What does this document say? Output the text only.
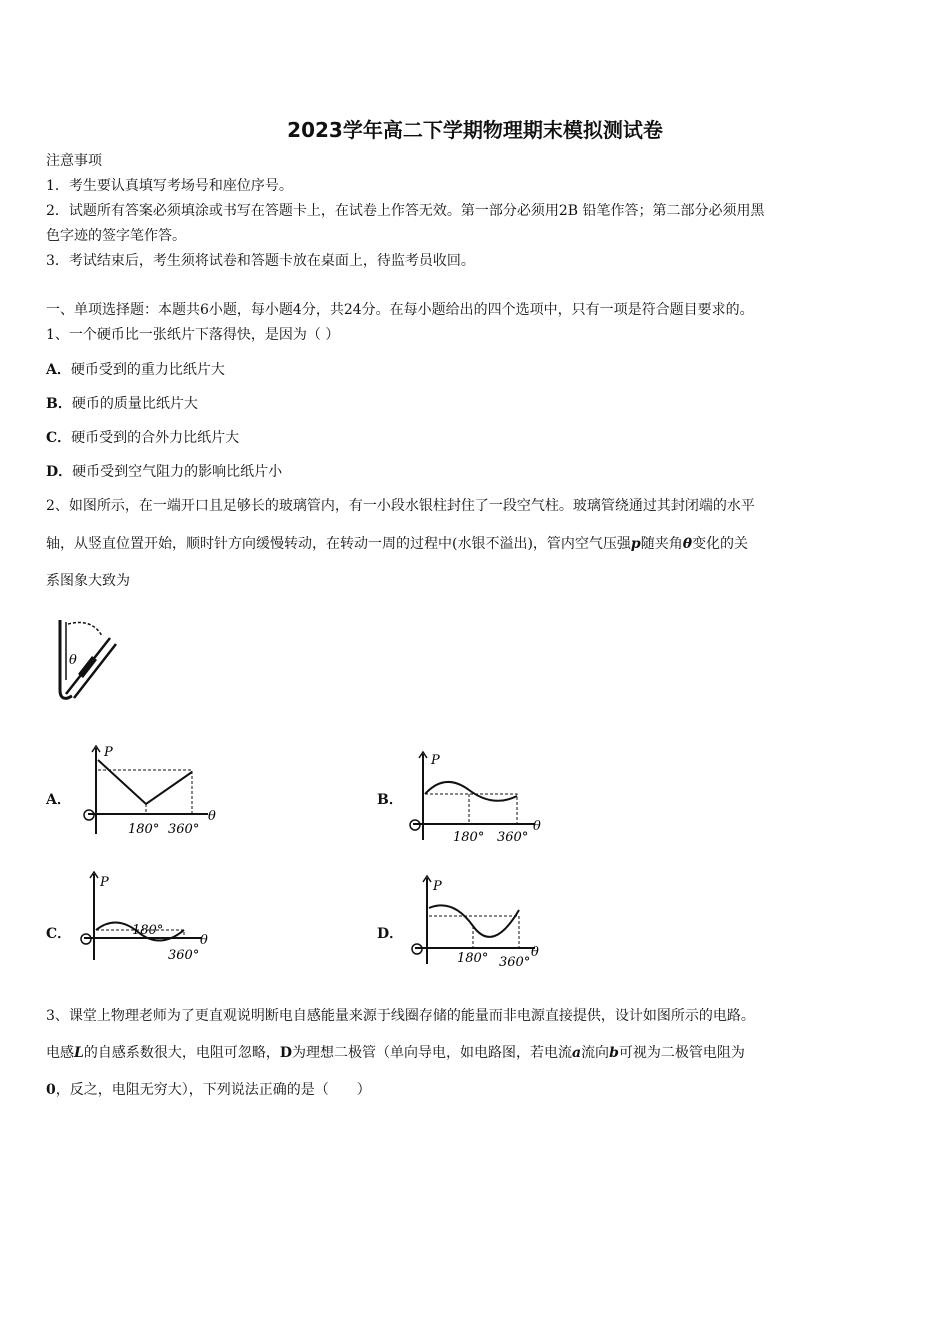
2023学年高二下学期物理期末模拟测试卷
注意事项
1．考生要认真填写考场号和座位序号。
2．试题所有答案必须填涂或书写在答题卡上，在试卷上作答无效。第一部分必须用2B 铅笔作答；第二部分必须用黑
色字迹的签字笔作答。
3．考试结束后，考生须将试卷和答题卡放在桌面上，待监考员收回。
一、单项选择题：本题共6小题，每小题4分，共24分。在每小题给出的四个选项中，只有一项是符合题目要求的。
1、一个硬币比一张纸片下落得快，是因为（ ）
A．硬币受到的重力比纸片大
B．硬币的质量比纸片大
C．硬币受到的合外力比纸片大
D．硬币受到空气阻力的影响比纸片小
2、如图所示，在一端开口且足够长的玻璃管内，有一小段水银柱封住了一段空气柱。玻璃管绕通过其封闭端的水平
轴，从竖直位置开始，顺时针方向缓慢转动，在转动一周的过程中(水银不溢出)，管内空气压强p随夹角θ变化的关
系图象大致为
θ
A．
P
θ
180° 360°
B．
P
θ
180° 360°
C．
P
θ
180°
360°
D．
P
θ
180° 360°
3、课堂上物理老师为了更直观说明断电自感能量来源于线圈存储的能量而非电源直接提供，设计如图所示的电路。
电感L的自感系数很大，电阻可忽略，D为理想二极管（单向导电，如电路图，若电流a流向b可视为二极管电阻为
0，反之，电阻无穷大），下列说法正确的是（　　）
